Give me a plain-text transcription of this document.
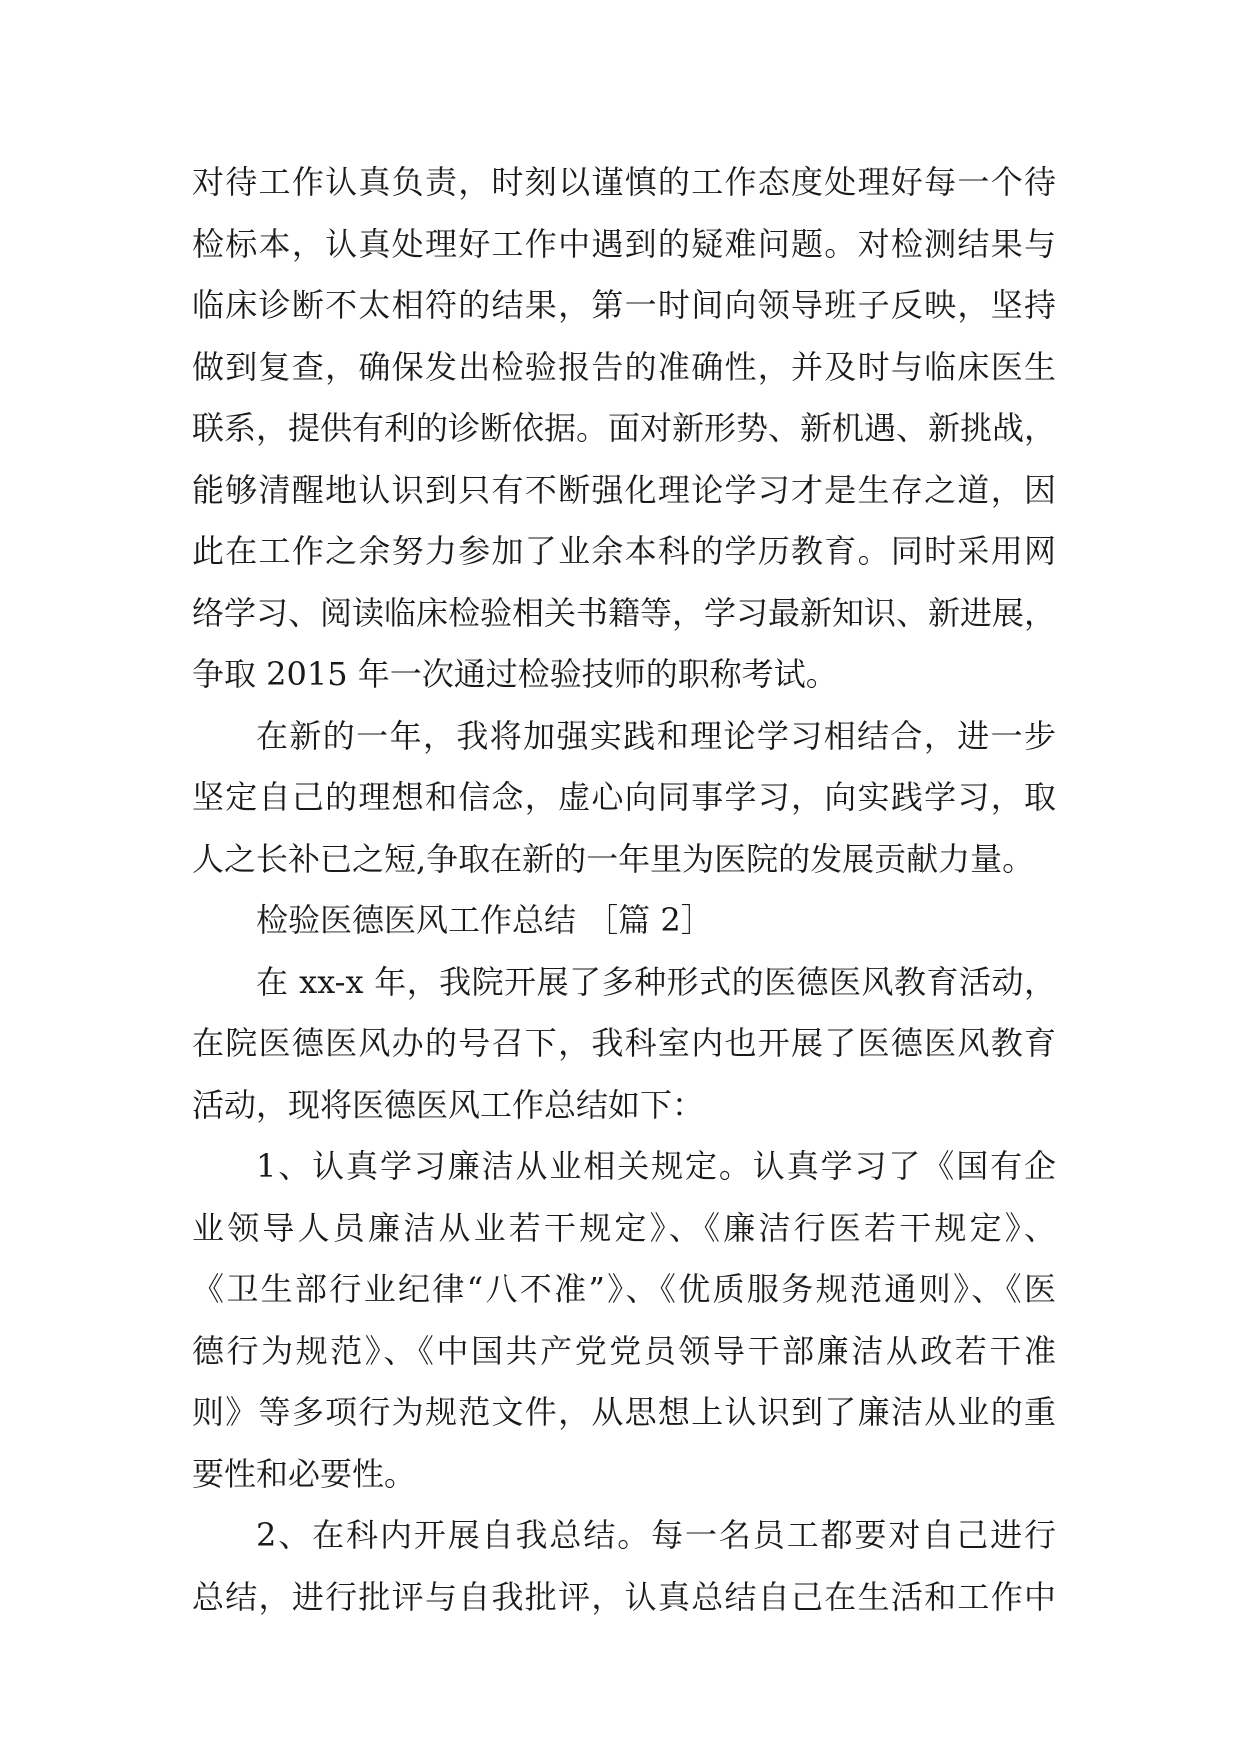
对待工作认真负责，时刻以谨慎的工作态度处理好每一个待
检标本，认真处理好工作中遇到的疑难问题。对检测结果与
临床诊断不太相符的结果，第一时间向领导班子反映，坚持
做到复查，确保发出检验报告的准确性，并及时与临床医生
联系，提供有利的诊断依据。面对新形势、新机遇、新挑战，
能够清醒地认识到只有不断强化理论学习才是生存之道，因
此在工作之余努力参加了业余本科的学历教育。同时采用网
络学习、阅读临床检验相关书籍等，学习最新知识、新进展，
争取 2015 年一次通过检验技师的职称考试。
在新的一年，我将加强实践和理论学习相结合，进一步
坚定自己的理想和信念，虚心向同事学习，向实践学习，取
人之长补已之短,争取在新的一年里为医院的发展贡献力量。
检验医德医风工作总结 ［篇 2］
在 xx-x 年，我院开展了多种形式的医德医风教育活动，
在院医德医风办的号召下，我科室内也开展了医德医风教育
活动，现将医德医风工作总结如下：
1、认真学习廉洁从业相关规定。认真学习了《国有企
业领导人员廉洁从业若干规定》、《廉洁行医若干规定》、
《卫生部行业纪律“八不准”》、《优质服务规范通则》、《医
德行为规范》、《中国共产党党员领导干部廉洁从政若干准
则》等多项行为规范文件，从思想上认识到了廉洁从业的重
要性和必要性。
2、在科内开展自我总结。每一名员工都要对自己进行
总结，进行批评与自我批评，认真总结自己在生活和工作中
